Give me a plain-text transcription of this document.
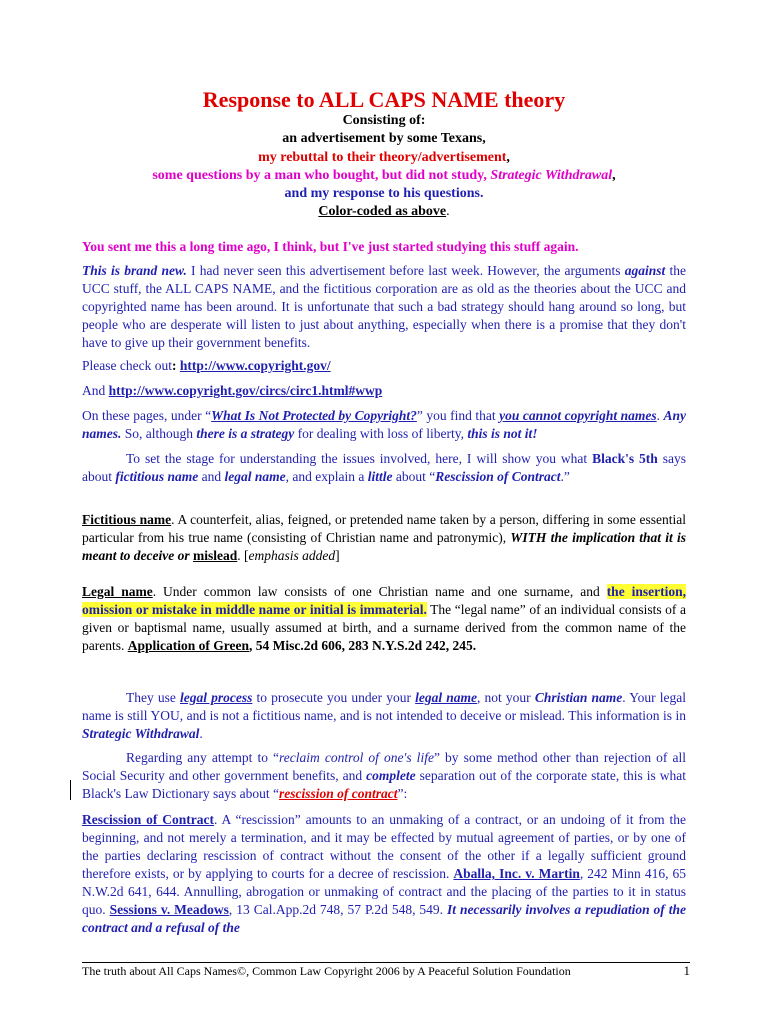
Response to ALL CAPS NAME theory
Consisting of:
an advertisement by some Texans,
my rebuttal to their theory/advertisement,
some questions by a man who bought, but did not study, Strategic Withdrawal,
and my response to his questions.
Color-coded as above.
You sent me this a long time ago, I think, but I've just started studying this stuff again.
This is brand new. I had never seen this advertisement before last week. However, the arguments against the UCC stuff, the ALL CAPS NAME, and the fictitious corporation are as old as the theories about the UCC and copyrighted name has been around. It is unfortunate that such a bad strategy should hang around so long, but people who are desperate will listen to just about anything, especially when there is a promise that they don't have to give up their government benefits.
Please check out: http://www.copyright.gov/
And http://www.copyright.gov/circs/circ1.html#wwp
On these pages, under “What Is Not Protected by Copyright?” you find that you cannot copyright names. Any names. So, although there is a strategy for dealing with loss of liberty, this is not it!
To set the stage for understanding the issues involved, here, I will show you what Black's 5th says about fictitious name and legal name, and explain a little about “Rescission of Contract.”
Fictitious name. A counterfeit, alias, feigned, or pretended name taken by a person, differing in some essential particular from his true name (consisting of Christian name and patronymic), WITH the implication that it is meant to deceive or mislead. [emphasis added]
Legal name. Under common law consists of one Christian name and one surname, and the insertion, omission or mistake in middle name or initial is immaterial. The “legal name” of an individual consists of a given or baptismal name, usually assumed at birth, and a surname derived from the common name of the parents. Application of Green, 54 Misc.2d 606, 283 N.Y.S.2d 242, 245.
They use legal process to prosecute you under your legal name, not your Christian name. Your legal name is still YOU, and is not a fictitious name, and is not intended to deceive or mislead. This information is in Strategic Withdrawal.
Regarding any attempt to “reclaim control of one's life” by some method other than rejection of all Social Security and other government benefits, and complete separation out of the corporate state, this is what Black's Law Dictionary says about “rescission of contract”:
Rescission of Contract. A “rescission” amounts to an unmaking of a contract, or an undoing of it from the beginning, and not merely a termination, and it may be effected by mutual agreement of parties, or by one of the parties declaring rescission of contract without the consent of the other if a legally sufficient ground therefore exists, or by applying to courts for a decree of rescission. Aballa, Inc. v. Martin, 242 Minn 416, 65 N.W.2d 641, 644. Annulling, abrogation or unmaking of contract and the placing of the parties to it in status quo. Sessions v. Meadows, 13 Cal.App.2d 748, 57 P.2d 548, 549. It necessarily involves a repudiation of the contract and a refusal of the
The truth about All Caps Names©, Common Law Copyright 2006 by A Peaceful Solution Foundation	1
